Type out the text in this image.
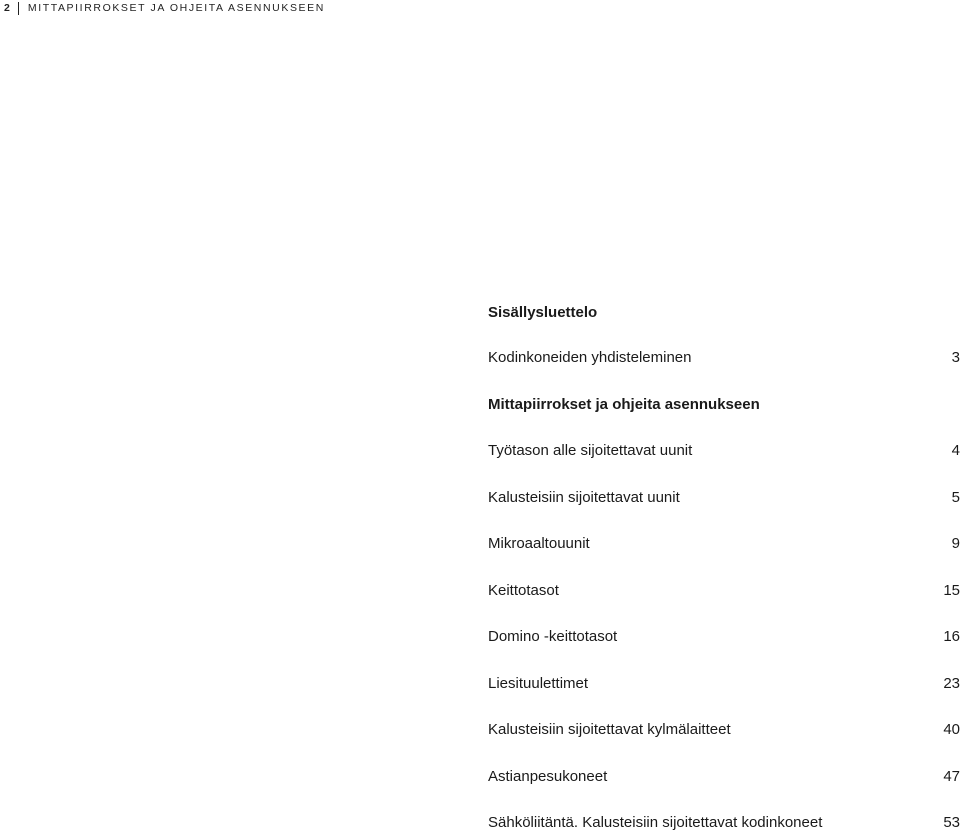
2 MITTAPIIRROKSET JA OHJEITA ASENNUKSEEN
Sisällysluettelo
Kodinkoneiden yhdisteleminen	3
Mittapiirrokset ja ohjeita asennukseen
Työtason alle sijoitettavat uunit	4
Kalusteisiin sijoitettavat uunit	5
Mikroaaltouunit	9
Keittotasot	15
Domino -keittotasot	16
Liesituulettimet	23
Kalusteisiin sijoitettavat kylmälaitteet	40
Astianpesukoneet	47
Sähköliitäntä. Kalusteisiin sijoitettavat kodinkoneet	53
